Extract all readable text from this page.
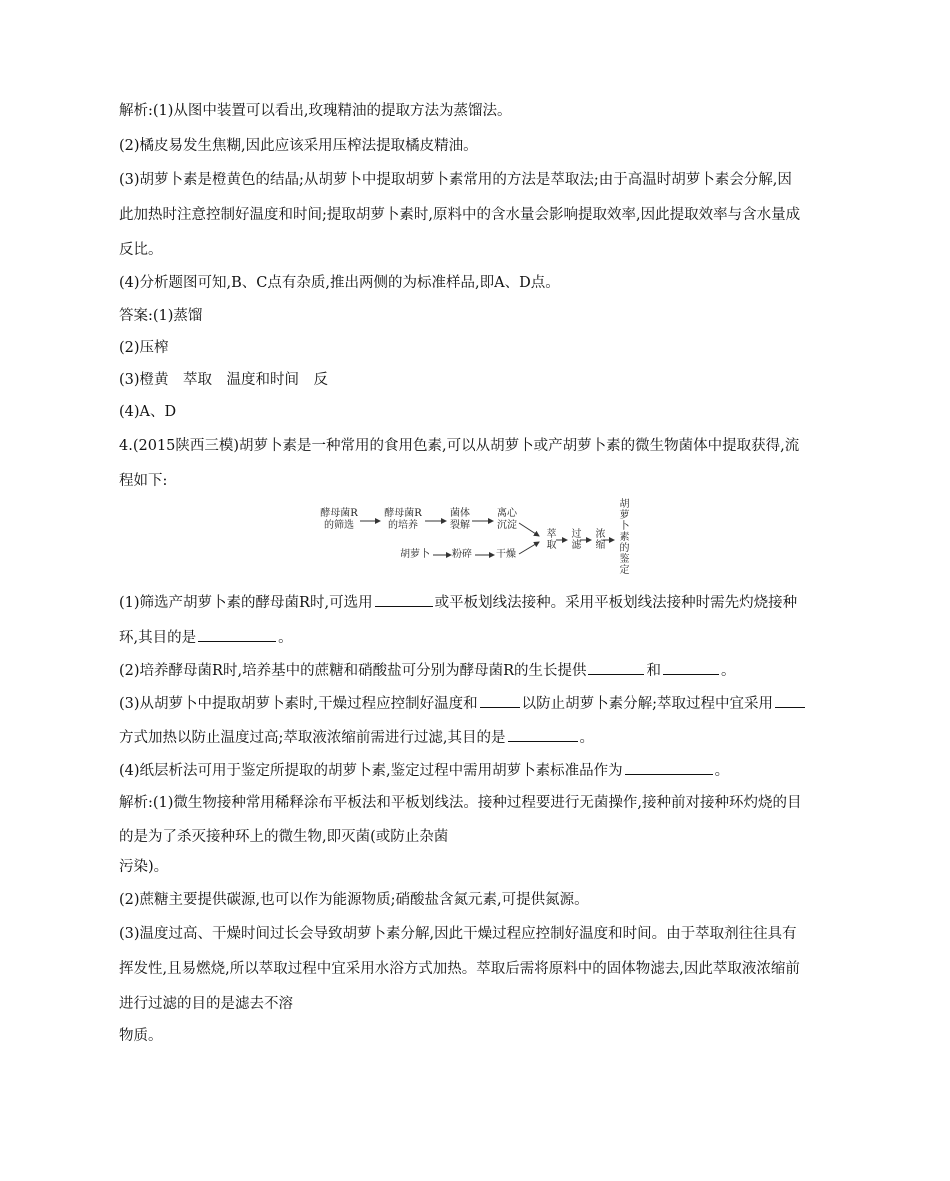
解析:(1)从图中装置可以看出,玫瑰精油的提取方法为蒸馏法。
(2)橘皮易发生焦糊,因此应该采用压榨法提取橘皮精油。
(3)胡萝卜素是橙黄色的结晶;从胡萝卜中提取胡萝卜素常用的方法是萃取法;由于高温时胡萝卜素会分解,因
此加热时注意控制好温度和时间;提取胡萝卜素时,原料中的含水量会影响提取效率,因此提取效率与含水量成
反比。
(4)分析题图可知,B、C点有杂质,推出两侧的为标准样品,即A、D点。
答案:(1)蒸馏
(2)压榨
(3)橙黄　萃取　温度和时间　反
(4)A、D
4.(2015陕西三模)胡萝卜素是一种常用的食用色素,可以从胡萝卜或产胡萝卜素的微生物菌体中提取获得,流
程如下:
酵母菌R
的筛选
酵母菌R
的培养
菌体
裂解
离心
沉淀
胡萝卜 粉碎 干燥
萃取 过滤 浓缩 胡萝卜素的鉴定
(1)筛选产胡萝卜素的酵母菌R时,可选用	或平板划线法接种。采用平板划线法接种时需先灼烧接种
环,其目的是	。
(2)培养酵母菌R时,培养基中的蔗糖和硝酸盐可分别为酵母菌R的生长提供	和	。
(3)从胡萝卜中提取胡萝卜素时,干燥过程应控制好温度和	以防止胡萝卜素分解;萃取过程中宜采用
方式加热以防止温度过高;萃取液浓缩前需进行过滤,其目的是	。
(4)纸层析法可用于鉴定所提取的胡萝卜素,鉴定过程中需用胡萝卜素标准品作为	。
解析:(1)微生物接种常用稀释涂布平板法和平板划线法。接种过程要进行无菌操作,接种前对接种环灼烧的目
的是为了杀灭接种环上的微生物,即灭菌(或防止杂菌
污染)。
(2)蔗糖主要提供碳源,也可以作为能源物质;硝酸盐含氮元素,可提供氮源。
(3)温度过高、干燥时间过长会导致胡萝卜素分解,因此干燥过程应控制好温度和时间。由于萃取剂往往具有
挥发性,且易燃烧,所以萃取过程中宜采用水浴方式加热。萃取后需将原料中的固体物滤去,因此萃取液浓缩前
进行过滤的目的是滤去不溶
物质。
